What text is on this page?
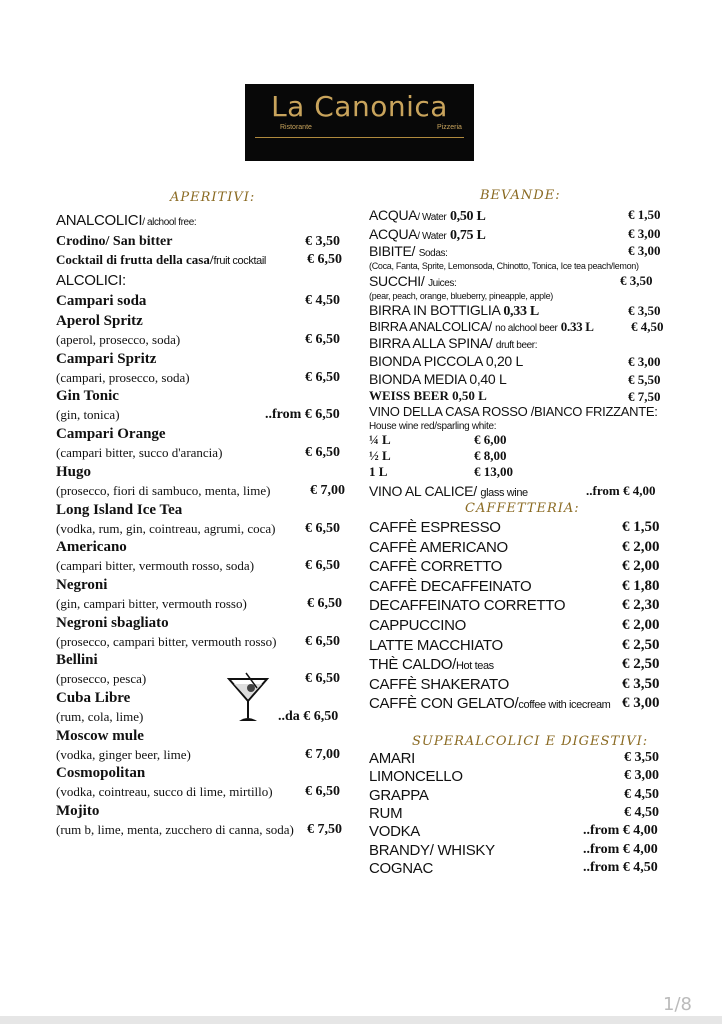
La Canonica
Ristorante	Pizzeria
APERITIVI:
ANALCOLICI/ alchool free:
Crodino/ San bitter	€ 3,50
Cocktail di frutta della casa/fruit cocktail	€ 6,50
ALCOLICI:
Campari soda	€ 4,50
Aperol Spritz
(aperol, prosecco, soda)	€ 6,50
Campari Spritz
(campari, prosecco, soda)	€ 6,50
Gin Tonic
(gin, tonica)	..from € 6,50
Campari Orange
(campari bitter, succo d'arancia)	€ 6,50
Hugo
(prosecco, fiori di sambuco, menta, lime)	€ 7,00
Long Island Ice Tea
(vodka, rum, gin, cointreau, agrumi, coca) € 6,50
Americano
(campari bitter, vermouth rosso, soda)	€ 6,50
Negroni
(gin, campari bitter, vermouth rosso)	€ 6,50
Negroni sbagliato
(prosecco, campari bitter, vermouth rosso) € 6,50
Bellini
(prosecco, pesca)	€ 6,50
Cuba Libre
(rum, cola, lime)	..da € 6,50
Moscow mule
(vodka, ginger beer, lime)	€ 7,00
Cosmopolitan
(vodka, cointreau, succo di lime, mirtillo) € 6,50
Mojito
(rum b, lime, menta, zucchero di canna, soda) € 7,50
BEVANDE:
ACQUA/ Water 0,50 L	€ 1,50
ACQUA/ Water 0,75 L	€ 3,00
BIBITE/ Sodas:	€ 3,00
(Coca, Fanta, Sprite, Lemonsoda, Chinotto, Tonica, Ice tea peach/lemon)
SUCCHI/ Juices:	€ 3,50
(pear, peach, orange, blueberry, pineapple, apple)
BIRRA IN BOTTIGLIA 0,33 L	€ 3,50
BIRRA ANALCOLICA/ no alchool beer 0.33 L	€ 4,50
BIRRA ALLA SPINA/ druft beer:
BIONDA PICCOLA 0,20 L	€ 3,00
BIONDA MEDIA 0,40 L	€ 5,50
WEISS BEER 0,50 L	€ 7,50
VINO DELLA CASA ROSSO /BIANCO FRIZZANTE:
House wine red/sparling white:
¼ L	€ 6,00
½ L	€ 8,00
1 L	€ 13,00
VINO AL CALICE/ glass wine	..from € 4,00
CAFFETTERIA:
CAFFÈ ESPRESSO	€ 1,50
CAFFÈ AMERICANO	€ 2,00
CAFFÈ CORRETTO	€ 2,00
CAFFÈ DECAFFEINATO	€ 1,80
DECAFFEINATO CORRETTO	€ 2,30
CAPPUCCINO	€ 2,00
LATTE MACCHIATO	€ 2,50
THÈ CALDO/Hot teas	€ 2,50
CAFFÈ SHAKERATO	€ 3,50
CAFFÈ CON GELATO/coffee with icecream € 3,00
SUPERALCOLICI E DIGESTIVI:
AMARI	€ 3,50
LIMONCELLO	€ 3,00
GRAPPA	€ 4,50
RUM	€ 4,50
VODKA	..from € 4,00
BRANDY/ WHISKY	..from € 4,00
COGNAC	..from € 4,50
1/8
